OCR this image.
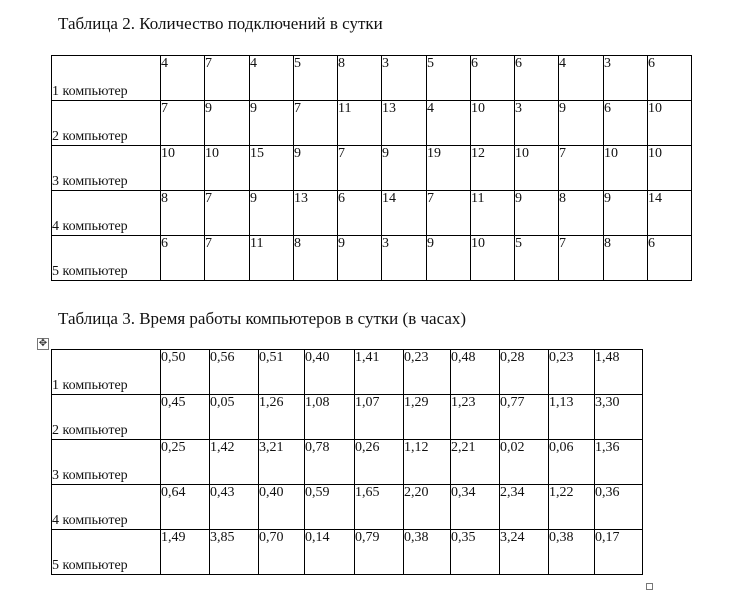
Таблица 2. Количество подключений в сутки
1 компьютер	4	7	4	5	8	3	5	6	6	4	3	6
2 компьютер	7	9	9	7	11	13	4	10	3	9	6	10
3 компьютер	10	10	15	9	7	9	19	12	10	7	10	10
4 компьютер	8	7	9	13	6	14	7	11	9	8	9	14
5 компьютер	6	7	11	8	9	3	9	10	5	7	8	6
Таблица 3. Время работы компьютеров в сутки (в часах)
✥
1 компьютер	0,50	0,56	0,51	0,40	1,41	0,23	0,48	0,28	0,23	1,48
2 компьютер	0,45	0,05	1,26	1,08	1,07	1,29	1,23	0,77	1,13	3,30
3 компьютер	0,25	1,42	3,21	0,78	0,26	1,12	2,21	0,02	0,06	1,36
4 компьютер	0,64	0,43	0,40	0,59	1,65	2,20	0,34	2,34	1,22	0,36
5 компьютер	1,49	3,85	0,70	0,14	0,79	0,38	0,35	3,24	0,38	0,17
